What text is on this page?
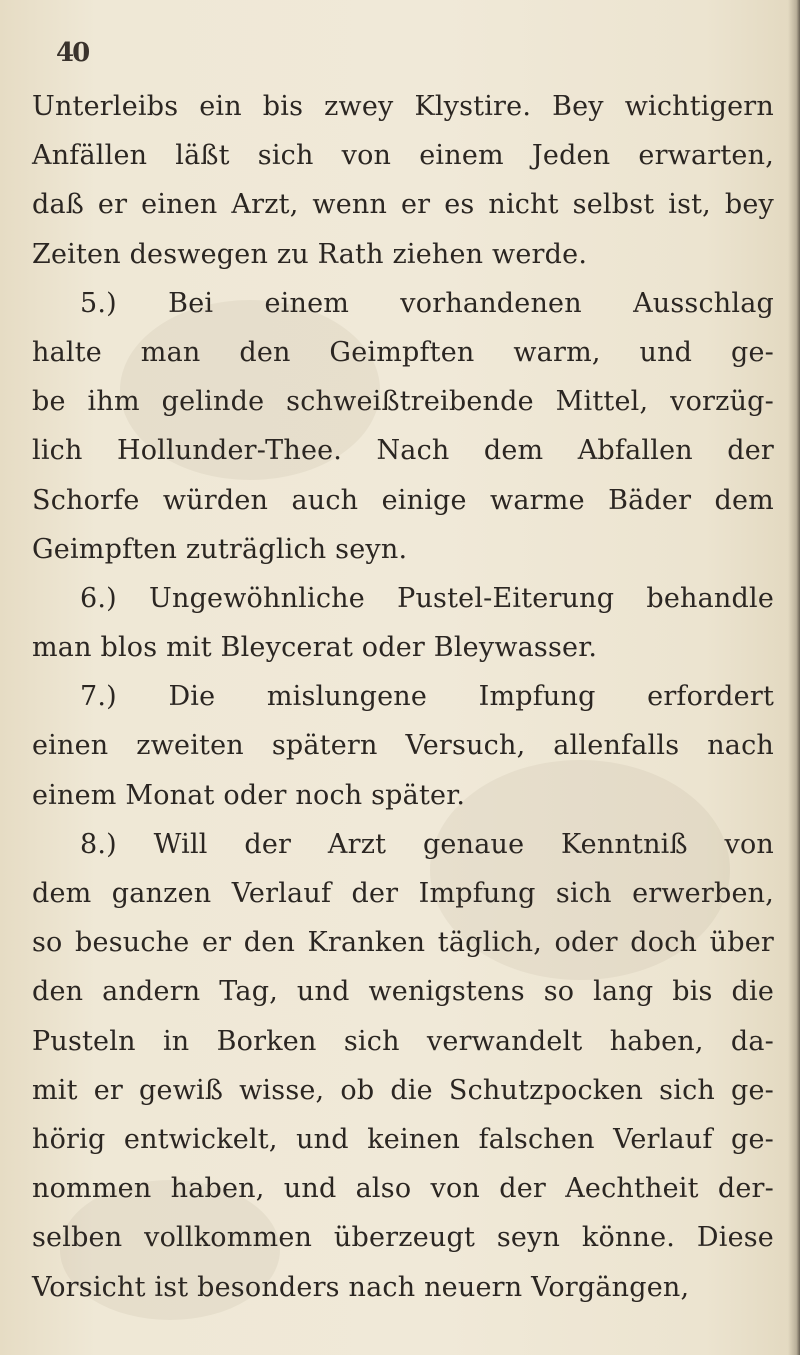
40
Unterleibs ein bis zwey Klystire. Bey wichtigern
Anfällen läßt sich von einem Jeden erwarten,
daß er einen Arzt, wenn er es nicht selbst ist, bey
Zeiten deswegen zu Rath ziehen werde.
5.) Bei einem vorhandenen Ausschlag
halte man den Geimpften warm, und ge-
be ihm gelinde schweißtreibende Mittel, vorzüg-
lich Hollunder-Thee. Nach dem Abfallen der
Schorfe würden auch einige warme Bäder dem
Geimpften zuträglich seyn.
6.) Ungewöhnliche Pustel-Eiterung behandle
man blos mit Bleycerat oder Bleywasser.
7.) Die mislungene Impfung erfordert
einen zweiten spätern Versuch, allenfalls nach
einem Monat oder noch später.
8.) Will der Arzt genaue Kenntniß von
dem ganzen Verlauf der Impfung sich erwerben,
so besuche er den Kranken täglich, oder doch über
den andern Tag, und wenigstens so lang bis die
Pusteln in Borken sich verwandelt haben, da-
mit er gewiß wisse, ob die Schutzpocken sich ge-
hörig entwickelt, und keinen falschen Verlauf ge-
nommen haben, und also von der Aechtheit der-
selben vollkommen überzeugt seyn könne. Diese
Vorsicht ist besonders nach neuern Vorgängen,
